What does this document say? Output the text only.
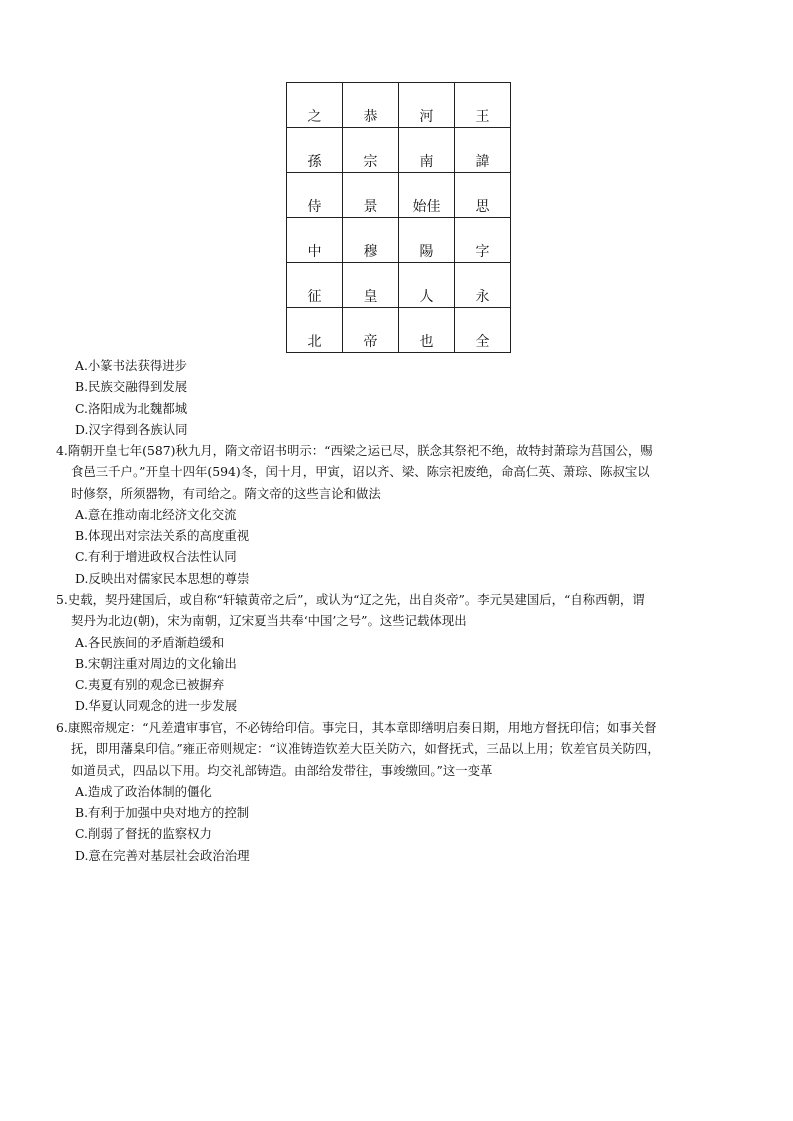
之	恭	河	王
孫	宗	南	諱
侍	景	始佳	思
中	穆	陽	字
征	皇	人	永
北	帝	也	全
A.小篆书法获得进步
B.民族交融得到发展
C.洛阳成为北魏都城
D.汉字得到各族认同
4.隋朝开皇七年(587)秋九月，隋文帝诏书明示：“西梁之运已尽，朕念其祭祀不绝，故特封萧琮为莒国公，赐
食邑三千户。”开皇十四年(594)冬，闰十月，甲寅，诏以齐、梁、陈宗祀废绝，命高仁英、萧琮、陈叔宝以
时修祭，所须器物，有司给之。隋文帝的这些言论和做法
A.意在推动南北经济文化交流
B.体现出对宗法关系的高度重视
C.有利于增进政权合法性认同
D.反映出对儒家民本思想的尊崇
5.史载，契丹建国后，或自称“轩辕黄帝之后”，或认为“辽之先，出自炎帝”。李元昊建国后，“自称西朝，谓
契丹为北边(朝)，宋为南朝，辽宋夏当共奉‘中国’之号”。这些记载体现出
A.各民族间的矛盾渐趋缓和
B.宋朝注重对周边的文化输出
C.夷夏有别的观念已被摒弃
D.华夏认同观念的进一步发展
6.康熙帝规定：“凡差遣审事官，不必铸给印信。事完日，其本章即缮明启奏日期，用地方督抚印信；如事关督
抚，即用藩臬印信。”雍正帝则规定：“议准铸造钦差大臣关防六，如督抚式，三品以上用；钦差官员关防四，
如道员式，四品以下用。均交礼部铸造。由部给发带往，事竣缴回。”这一变革
A.造成了政治体制的僵化
B.有利于加强中央对地方的控制
C.削弱了督抚的监察权力
D.意在完善对基层社会政治治理
